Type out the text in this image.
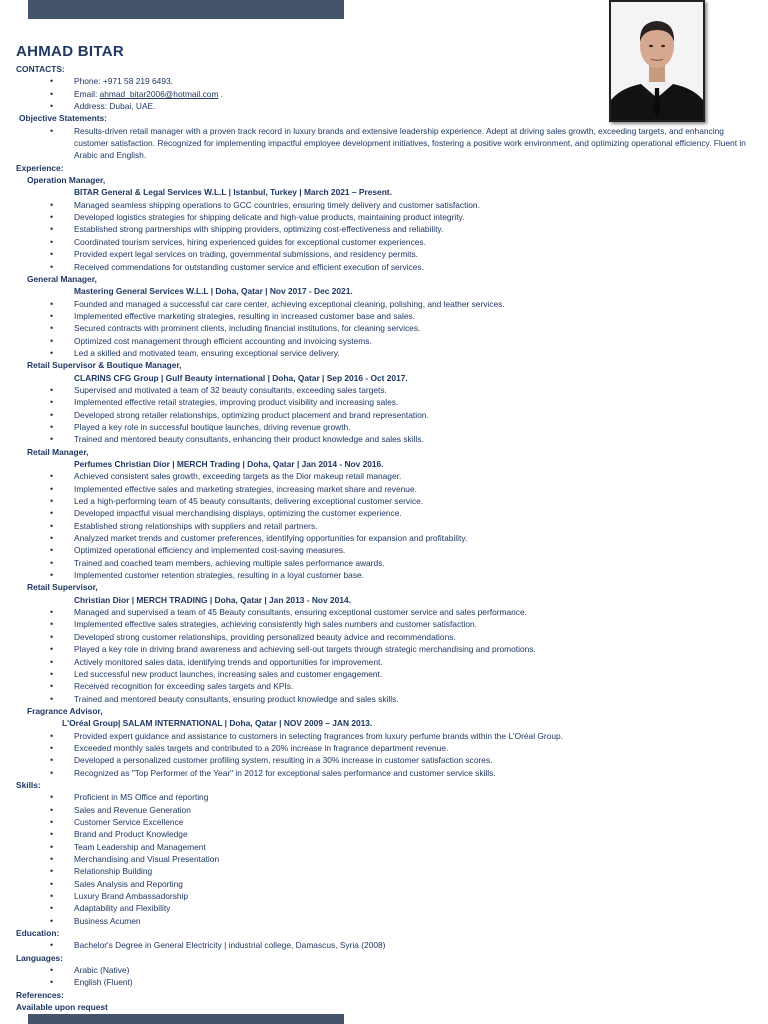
AHMAD BITAR
CONTACTS:
• Phone: +971 58 219 6493.
• Email: ahmad_bitar2006@hotmail.com .
• Address: Dubai, UAE.
Objective Statements:
• Results-driven retail manager with a proven track record in luxury brands and extensive leadership experience. Adept at driving sales growth, exceeding targets, and enhancing customer satisfaction. Recognized for implementing impactful employee development initiatives, fostering a positive work environment, and optimizing operational efficiency. Fluent in Arabic and English.
Experience:
Operation Manager,
BITAR General & Legal Services W.L.L | Istanbul, Turkey | March 2021 – Present.
• Managed seamless shipping operations to GCC countries, ensuring timely delivery and customer satisfaction.
• Developed logistics strategies for shipping delicate and high-value products, maintaining product integrity.
• Established strong partnerships with shipping providers, optimizing cost-effectiveness and reliability.
• Coordinated tourism services, hiring experienced guides for exceptional customer experiences.
• Provided expert legal services on trading, governmental submissions, and residency permits.
• Received commendations for outstanding customer service and efficient execution of services.
General Manager,
Mastering General Services W.L.L | Doha, Qatar | Nov 2017 - Dec 2021.
• Founded and managed a successful car care center, achieving exceptional cleaning, polishing, and leather services.
• Implemented effective marketing strategies, resulting in increased customer base and sales.
• Secured contracts with prominent clients, including financial institutions, for cleaning services.
• Optimized cost management through efficient accounting and invoicing systems.
• Led a skilled and motivated team, ensuring exceptional service delivery.
Retail Supervisor & Boutique Manager,
CLARINS CFG Group | Gulf Beauty international | Doha, Qatar | Sep 2016 - Oct 2017.
• Supervised and motivated a team of 32 beauty consultants, exceeding sales targets.
• Implemented effective retail strategies, improving product visibility and increasing sales.
• Developed strong retailer relationships, optimizing product placement and brand representation.
• Played a key role in successful boutique launches, driving revenue growth.
• Trained and mentored beauty consultants, enhancing their product knowledge and sales skills.
Retail Manager,
Perfumes Christian Dior | MERCH Trading | Doha, Qatar | Jan 2014 - Nov 2016.
• Achieved consistent sales growth, exceeding targets as the Dior makeup retail manager.
• Implemented effective sales and marketing strategies, increasing market share and revenue.
• Led a high-performing team of 45 beauty consultants, delivering exceptional customer service.
• Developed impactful visual merchandising displays, optimizing the customer experience.
• Established strong relationships with suppliers and retail partners.
• Analyzed market trends and customer preferences, identifying opportunities for expansion and profitability.
• Optimized operational efficiency and implemented cost-saving measures.
• Trained and coached team members, achieving multiple sales performance awards.
• Implemented customer retention strategies, resulting in a loyal customer base.
Retail Supervisor,
Christian Dior | MERCH TRADING | Doha, Qatar | Jan 2013 - Nov 2014.
• Managed and supervised a team of 45 Beauty consultants, ensuring exceptional customer service and sales performance.
• Implemented effective sales strategies, achieving consistently high sales numbers and customer satisfaction.
• Developed strong customer relationships, providing personalized beauty advice and recommendations.
• Played a key role in driving brand awareness and achieving sell-out targets through strategic merchandising and promotions.
• Actively monitored sales data, identifying trends and opportunities for improvement.
• Led successful new product launches, increasing sales and customer engagement.
• Received recognition for exceeding sales targets and KPIs.
• Trained and mentored beauty consultants, ensuring product knowledge and sales skills.
Fragrance Advisor,
L'Oréal Group| SALAM INTERNATIONAL | Doha, Qatar | NOV 2009 – JAN 2013.
• Provided expert guidance and assistance to customers in selecting fragrances from luxury perfume brands within the L'Oréal Group.
• Exceeded monthly sales targets and contributed to a 20% increase in fragrance department revenue.
• Developed a personalized customer profiling system, resulting in a 30% increase in customer satisfaction scores.
• Recognized as "Top Performer of the Year" in 2012 for exceptional sales performance and customer service skills.
Skills:
• Proficient in MS Office and reporting
• Sales and Revenue Generation
• Customer Service Excellence
• Brand and Product Knowledge
• Team Leadership and Management
• Merchandising and Visual Presentation
• Relationship Building
• Sales Analysis and Reporting
• Luxury Brand Ambassadorship
• Adaptability and Flexibility
• Business Acumen
Education:
• Bachelor's Degree in General Electricity | industrial college, Damascus, Syria (2008)
Languages:
• Arabic (Native)
• English (Fluent)
References:
Available upon request
